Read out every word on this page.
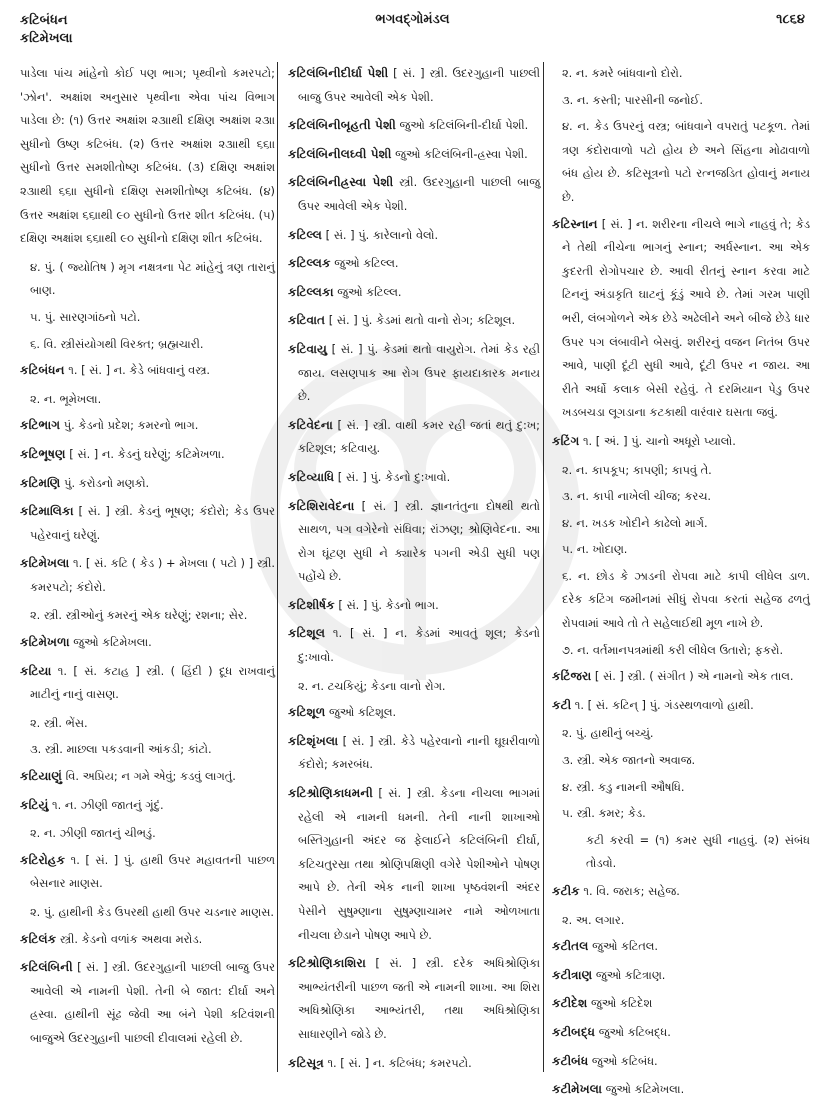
કટિબંધન
કટિમેખલા
ભગવદ્ગોમંડલ	૧૮૬૪
પાડેલા પાંચ માંહેનો કોઈ પણ ભાગ; પૃથ્વીનો કમરપટો; 'ઝોન'. અક્ષાંશ અનુસાર પૃથ્વીના એવા પાંચ વિભાગ પાડેલા છે: (૧) ઉત્તર અક્ષાંશ ૨૩ાાથી દક્ષિણ અક્ષાંશ ૨૩ાા સુધીનો ઉષ્ણ કટિબંધ. (૨) ઉત્તર અક્ષાંશ ૨૩ાાથી ૬૬ાા સુધીનો ઉત્તર સમશીતોષ્ણ કટિબંધ. (૩) દક્ષિણ અક્ષાંશ ૨૩ાાથી ૬૬ાા સુધીનો દક્ષિણ સમશીતોષ્ણ કટિબંધ. (૪) ઉત્તર અક્ષાંશ ૬૬ાાથી ૯૦ સુધીનો ઉત્તર શીત કટિબંધ. (૫) દક્ષિણ અક્ષાંશ ૬૬ાાથી ૯૦ સુધીનો દક્ષિણ શીત કટિબંધ.
૪. પું. ( જ્યોતિષ ) મૃગ નક્ષત્રના પેટ માંહેનું ત્રણ તારાનું બાણ.
૫. પું. સારણગાંઠનો પટો.
૬. વિ. સ્ત્રીસંયોગથી વિરક્ત; બ્રહ્મચારી.
કટિબંધન ૧. [ સં. ] ન. કેડે બાંધવાનું વસ્ત્ર.
૨. ન. ભૂમેખલા.
કટિભાગ પું. કેડનો પ્રદેશ; કમરનો ભાગ.
કટિભૂષણ [ સં. ] ન. કેડનું ઘરેણું; કટિમેખળા.
કટિમણિ પું. કરોડનો મણકો.
કટિમાલિકા [ સં. ] સ્ત્રી. કેડનું ભૂષણ; કંદોરો; કેડ ઉપર પહેરવાનું ઘરેણું.
કટિમેખલા ૧. [ સં. કટિ ( કેડ ) + મેખલા ( પટો ) ] સ્ત્રી. કમરપટો; કંદોરો.
૨. સ્ત્રી. સ્ત્રીઓનું કમરનું એક ઘરેણું; રશના; સેર.
કટિમેખળા જુઓ કટિમેખલા.
કટિયા ૧. [ સં. કટાહ ] સ્ત્રી. ( હિંદી ) દૂધ રાખવાનું માટીનું નાનું વાસણ.
૨. સ્ત્રી. ભેંસ.
૩. સ્ત્રી. માછલા પકડવાની આંકડી; કાંટો.
કટિયાણું વિ. અપ્રિય; ન ગમે એવું; કડવું લાગતું.
કટિયું ૧. ન. ઝીણી જાતનું ગૂંદું.
૨. ન. ઝીણી જાતનું ચીભડું.
કટિરોહક ૧. [ સં. ] પું. હાથી ઉપર મહાવતની પાછળ બેસનાર માણસ.
૨. પું. હાથીની કેડ ઉપરથી હાથી ઉપર ચડનાર માણસ.
કટિલંક સ્ત્રી. કેડનો વળાંક અથવા મરોડ.
કટિલંબિની [ સં. ] સ્ત્રી. ઉદરગુહાની પાછલી બાજુ ઉપર આવેલી એ નામની પેશી. તેની બે જાત: દીર્ઘા અને હ્રસ્વા. હાથીની સૂંઢ જેવી આ બંને પેશી કટિવંશની બાજુએ ઉદરગુહાની પાછલી દીવાલમાં રહેલી છે.
કટિલંબિનીદીર્ઘા પેશી [ સં. ] સ્ત્રી. ઉદરગુહાની પાછલી બાજુ ઉપર આવેલી એક પેશી.
કટિલંબિનીબૃહતી પેશી જુઓ કટિલંબિની-દીર્ઘા પેશી.
કટિલંબિનીલઘ્વી પેશી જુઓ કટિલંબિની-હ્રસ્વા પેશી.
કટિલંબિનીહ્રસ્વા પેશી સ્ત્રી. ઉદરગુહાની પાછલી બાજુ ઉપર આવેલી એક પેશી.
કટિલ્લ [ સં. ] પું. કારેલાનો વેલો.
કટિલ્લક જુઓ કટિલ્લ.
કટિલ્લકા જુઓ કટિલ્લ.
કટિવાત [ સં. ] પું. કેડમાં થતો વાનો રોગ; કટિશૂલ.
કટિવાયુ [ સં. ] પું. કેડમાં થતો વાયુરોગ. તેમાં કેડ રહી જાય. લસણપાક આ રોગ ઉપર ફાયદાકારક મનાય છે.
કટિવેદના [ સં. ] સ્ત્રી. વાથી કમર રહી જતાં થતું દુ:ખ; કટિશૂલ; કટિવાયુ.
કટિવ્યાધિ [ સં. ] પું. કેડનો દુ:ખાવો.
કટિશિરાવેદના [ સં. ] સ્ત્રી. જ્ઞાનતંતુના દોષથી થતો સાથળ, પગ વગેરેનો સંધિવા; રાંઝણ; શ્રોણિવેદના. આ રોગ ઘૂંટણ સુધી ને ક્યારેક પગની એડી સુધી પણ પહોંચે છે.
કટિશીર્ષક [ સં. ] પું. કેડનો ભાગ.
કટિશૂલ ૧. [ સં. ] ન. કેડમાં આવતું શૂલ; કેડનો દુ:ખાવો.
૨. ન. ટચકિયું; કેડના વાનો રોગ.
કટિશૂળ જુઓ કટિશૂલ.
કટિશૃંખલા [ સં. ] સ્ત્રી. કેડે પહેરવાનો નાની ઘૂઘરીવાળો કંદોરો; કમરબંધ.
કટિશ્રોણિકાધમની [ સં. ] સ્ત્રી. કેડના નીચલા ભાગમાં રહેલી એ નામની ધમની. તેની નાની શાખાઓ બસ્તિગુહાની અંદર જ ફેલાઈને કટિલંબિની દીર્ઘા, કટિચતુરસ્રા તથા શ્રોણિપક્ષિણી વગેરે પેશીઓને પોષણ આપે છે. તેની એક નાની શાખા પૃષ્ઠવંશની અંદર પેસીને સુષુમ્ણાના સુષુમ્ણાચામર નામે ઓળખાતા નીચલા છેડાને પોષણ આપે છે.
કટિશ્રોણિકાશિરા [ સં. ] સ્ત્રી. દરેક અધિશ્રોણિકા આભ્યંતરીની પાછળ જતી એ નામની શાખા. આ શિરા અધિશ્રોણિકા આભ્યંતરી, તથા અધિશ્રોણિકા સાધારણીને જોડે છે.
કટિસૂત્ર ૧. [ સં. ] ન. કટિબંધ; કમરપટો.
૨. ન. કમરે બાંધવાનો દોરો.
૩. ન. કસ્તી; પારસીની જનોઈ.
૪. ન. કેડ ઉપરનું વસ્ત્ર; બાંધવાને વપરાતું પટકૂળ. તેમાં ત્રણ કંદોરાવાળો પટો હોય છે અને સિંહના મોઢાવાળો બંધ હોય છે. કટિસૂત્રનો પટો રત્નજડિત હોવાનું મનાય છે.
કટિસ્નાન [ સં. ] ન. શરીરના નીચલે ભાગે નાહવું તે; કેડ ને તેથી નીચેના ભાગનું સ્નાન; અર્ધસ્નાન. આ એક કુદરતી રોગોપચાર છે. આવી રીતનું સ્નાન કરવા માટે ટિનનું અંડાકૃતિ ઘાટનું કૂંડું આવે છે. તેમાં ગરમ પાણી ભરી, લંબગોળને એક છેડે અઢેલીને અને બીજે છેડે ધાર ઉપર પગ લંબાવીને બેસવું. શરીરનું વજન નિતંબ ઉપર આવે, પાણી દૂંટી સુધી આવે, દૂંટી ઉપર ન જાય. આ રીતે અર્ધો કલાક બેસી રહેવું. તે દરમિયાન પેડુ ઉપર ખડબચડા લૂગડાના કટકાથી વારંવાર ઘસતા જવું.
કટિંગ ૧. [ અં. ] પું. ચાનો અધૂરો પ્યાલો.
૨. ન. કાપકૂપ; કાપણી; કાપવું તે.
૩. ન. કાપી નાખેલી ચીજ; કરચ.
૪. ન. ખડક ખોદીને કાઢેલો માર્ગ.
૫. ન. ખોદાણ.
૬. ન. છોડ કે ઝાડની રોપવા માટે કાપી લીધેલ ડાળ. દરેક કટિંગ જમીનમાં સીધું રોપવા કરતાં સહેજ ઢળતું રોપવામાં આવે તો તે સહેલાઈથી મૂળ નાખે છે.
૭. ન. વર્તમાનપત્રમાંથી કરી લીધેલ ઉતારો; ફકરો.
કટિંજરા [ સં. ] સ્ત્રી. ( સંગીત ) એ નામનો એક તાલ.
કટી ૧. [ સં. કટિન્ ] પું. ગંડસ્થળવાળો હાથી.
૨. પું. હાથીનું બચ્ચું.
૩. સ્ત્રી. એક જાતનો અવાજ.
૪. સ્ત્રી. કડુ નામની ઔષધિ.
૫. સ્ત્રી. કમર; કેડ.
કટી કરવી = (૧) કમર સુધી નાહવું. (૨) સંબંધ તોડવો.
કટીક ૧. વિ. જરાક; સહેજ.
૨. અ. લગાર.
કટીતલ જુઓ કટિતલ.
કટીત્રાણ જુઓ કટિત્રાણ.
કટીદેશ જુઓ કટિદેશ
કટીબદ્ધ જુઓ કટિબદ્ધ.
કટીબંધ જુઓ કટિબંધ.
કટીમેખલા જુઓ કટિમેખલા.
